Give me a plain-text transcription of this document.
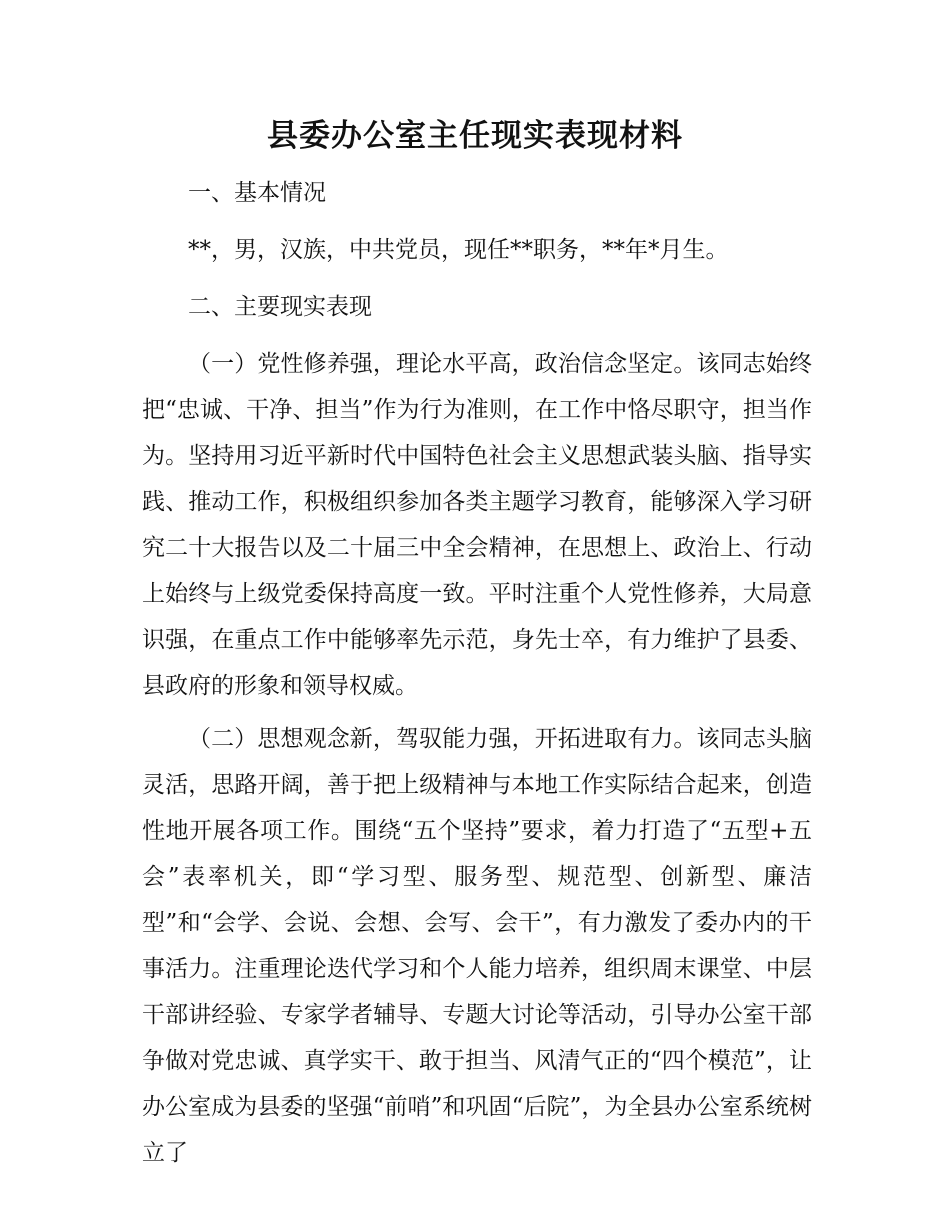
县委办公室主任现实表现材料

一、基本情况

**，男，汉族，中共党员，现任**职务，**年*月生。

二、主要现实表现

（一）党性修养强，理论水平高，政治信念坚定。该同志始终把“忠诚、干净、担当”作为行为准则，在工作中恪尽职守，担当作为。坚持用习近平新时代中国特色社会主义思想武装头脑、指导实践、推动工作，积极组织参加各类主题学习教育，能够深入学习研究二十大报告以及二十届三中全会精神，在思想上、政治上、行动上始终与上级党委保持高度一致。平时注重个人党性修养，大局意识强，在重点工作中能够率先示范，身先士卒，有力维护了县委、县政府的形象和领导权威。

（二）思想观念新，驾驭能力强，开拓进取有力。该同志头脑灵活，思路开阔，善于把上级精神与本地工作实际结合起来，创造性地开展各项工作。围绕“五个坚持”要求，着力打造了“五型+五会”表率机关，即“学习型、服务型、规范型、创新型、廉洁型”和“会学、会说、会想、会写、会干”，有力激发了委办内的干事活力。注重理论迭代学习和个人能力培养，组织周末课堂、中层干部讲经验、专家学者辅导、专题大讨论等活动，引导办公室干部争做对党忠诚、真学实干、敢于担当、风清气正的“四个模范”，让办公室成为县委的坚强“前哨”和巩固“后院”，为全县办公室系统树立了
